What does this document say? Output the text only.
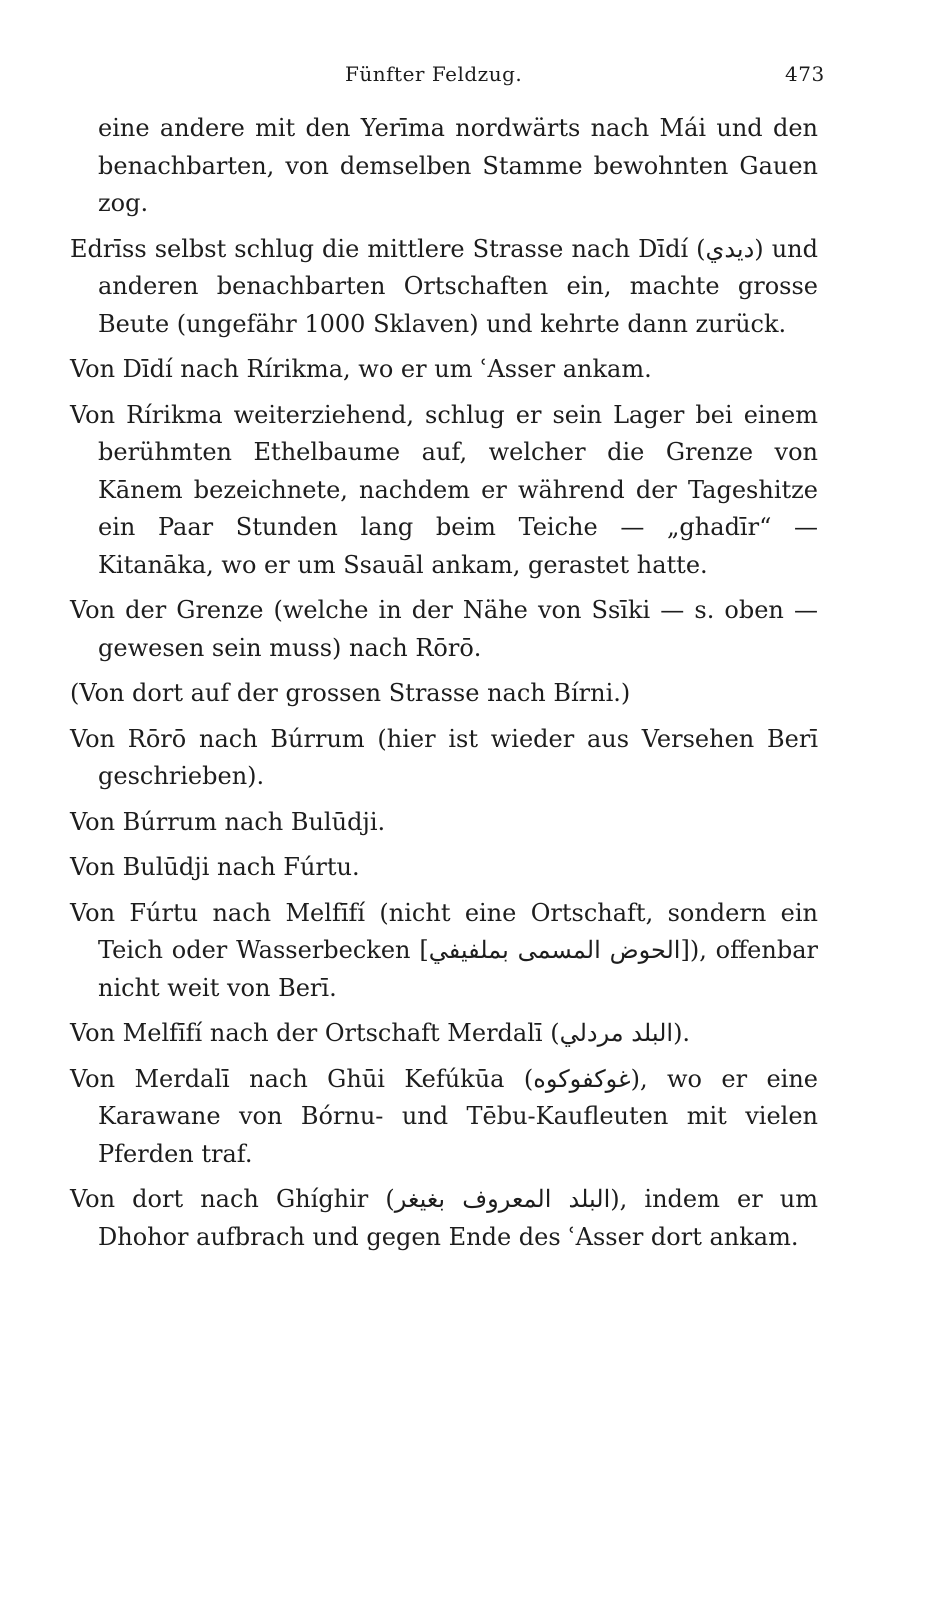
Fünfter Feldzug.	473

eine andere mit den Yerīma nordwärts nach Mái und den benachbarten, von demselben Stamme bewohnten Gauen zog.

Edrīss selbst schlug die mittlere Strasse nach Dīdí (ديدي) und anderen benachbarten Ortschaften ein, machte grosse Beute (ungefähr 1000 Sklaven) und kehrte dann zurück.

Von Dīdí nach Rírikma, wo er um ʿAsser ankam.

Von Rírikma weiterziehend, schlug er sein Lager bei einem berühmten Ethelbaume auf, welcher die Grenze von Kānem bezeichnete, nachdem er während der Tageshitze ein Paar Stunden lang beim Teiche — „ghadīr“ — Kitanāka, wo er um Ssauāl ankam, gerastet hatte.

Von der Grenze (welche in der Nähe von Ssīki — s. oben — gewesen sein muss) nach Rōrō.

(Von dort auf der grossen Strasse nach Bírni.)

Von Rōrō nach Búrrum (hier ist wieder aus Versehen Berī geschrieben).

Von Búrrum nach Bulūdji.

Von Bulūdji nach Fúrtu.

Von Fúrtu nach Melfīfí (nicht eine Ortschaft, sondern ein Teich oder Wasserbecken [الحوض المسمى بملفيفي]), offenbar nicht weit von Berī.

Von Melfīfí nach der Ortschaft Merdalī (البلد مردلي).

Von Merdalī nach Ghūi Kefúkūa (غوكفوكوه), wo er eine Karawane von Bórnu- und Tēbu-Kaufleuten mit vielen Pferden traf.

Von dort nach Ghíghir (البلد المعروف بغيغر), indem er um Dhohor aufbrach und gegen Ende des ʿAsser dort ankam.
